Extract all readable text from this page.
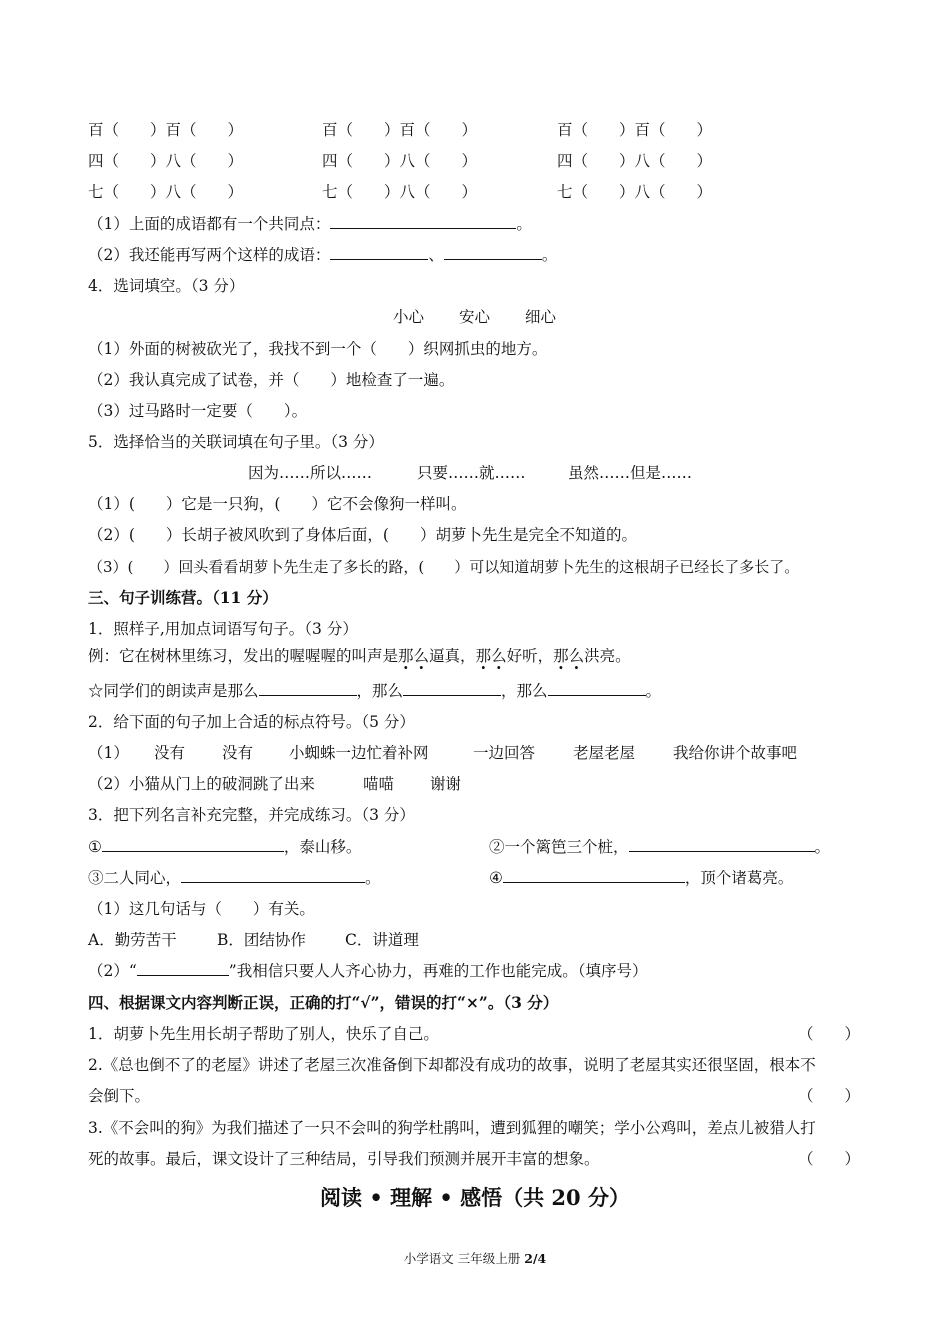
百（　　）百（　　）	百（　　）百（　　）	百（　　）百（　　）
四（　　）八（　　）	四（　　）八（　　）	四（　　）八（　　）
七（　　）八（　　）	七（　　）八（　　）	七（　　）八（　　）
（1）上面的成语都有一个共同点：	。
（2）我还能再写两个这样的成语：	、	。
4．选词填空。（3 分）
小心 安心 细心
（1）外面的树被砍光了，我找不到一个（　　）织网抓虫的地方。
（2）我认真完成了试卷，并（　　）地检查了一遍。
（3）过马路时一定要（　　）。
5．选择恰当的关联词填在句子里。（3 分）
因为……所以……	只要……就……	虽然……但是……
（1）(　　）它是一只狗，(　　）它不会像狗一样叫。
（2）(　　）长胡子被风吹到了身体后面，(　　）胡萝卜先生是完全不知道的。
（3）(　　）回头看看胡萝卜先生走了多长的路，(　　）可以知道胡萝卜先生的这根胡子已经长了多长了。
三、句子训练营。（11 分）
1．照样子,用加点词语写句子。（3 分）
例：它在树林里练习，发出的喔喔喔的叫声是那么逼真，那么好听，那么洪亮。
☆同学们的朗读声是那么	，那么	，那么	。
2．给下面的句子加上合适的标点符号。（5 分）
（1） 没有 没有 小蜘蛛一边忙着补网	一边回答 老屋老屋 我给你讲个故事吧
（2）小猫从门上的破洞跳了出来	喵喵 谢谢
3．把下列名言补充完整，并完成练习。（3 分）
①	，泰山移。	②一个篱笆三个桩，	。
③二人同心，	。	④	，顶个诸葛亮。
（1）这几句话与（　　）有关。
A．勤劳苦干	B．团结协作	C．讲道理
（2）“	”我相信只要人人齐心协力，再难的工作也能完成。（填序号）
四、根据课文内容判断正误，正确的打“√”，错误的打“×”。（3 分）
1．胡萝卜先生用长胡子帮助了别人，快乐了自己。	（　　）
2.《总也倒不了的老屋》讲述了老屋三次准备倒下却都没有成功的故事，说明了老屋其实还很坚固，根本不
会倒下。	（　　）
3.《不会叫的狗》为我们描述了一只不会叫的狗学杜鹃叫，遭到狐狸的嘲笑；学小公鸡叫，差点儿被猎人打
死的故事。最后，课文设计了三种结局，引导我们预测并展开丰富的想象。	（　　）
阅读 • 理解 • 感悟（共 20 分）
小学语文 三年级上册 2/4
